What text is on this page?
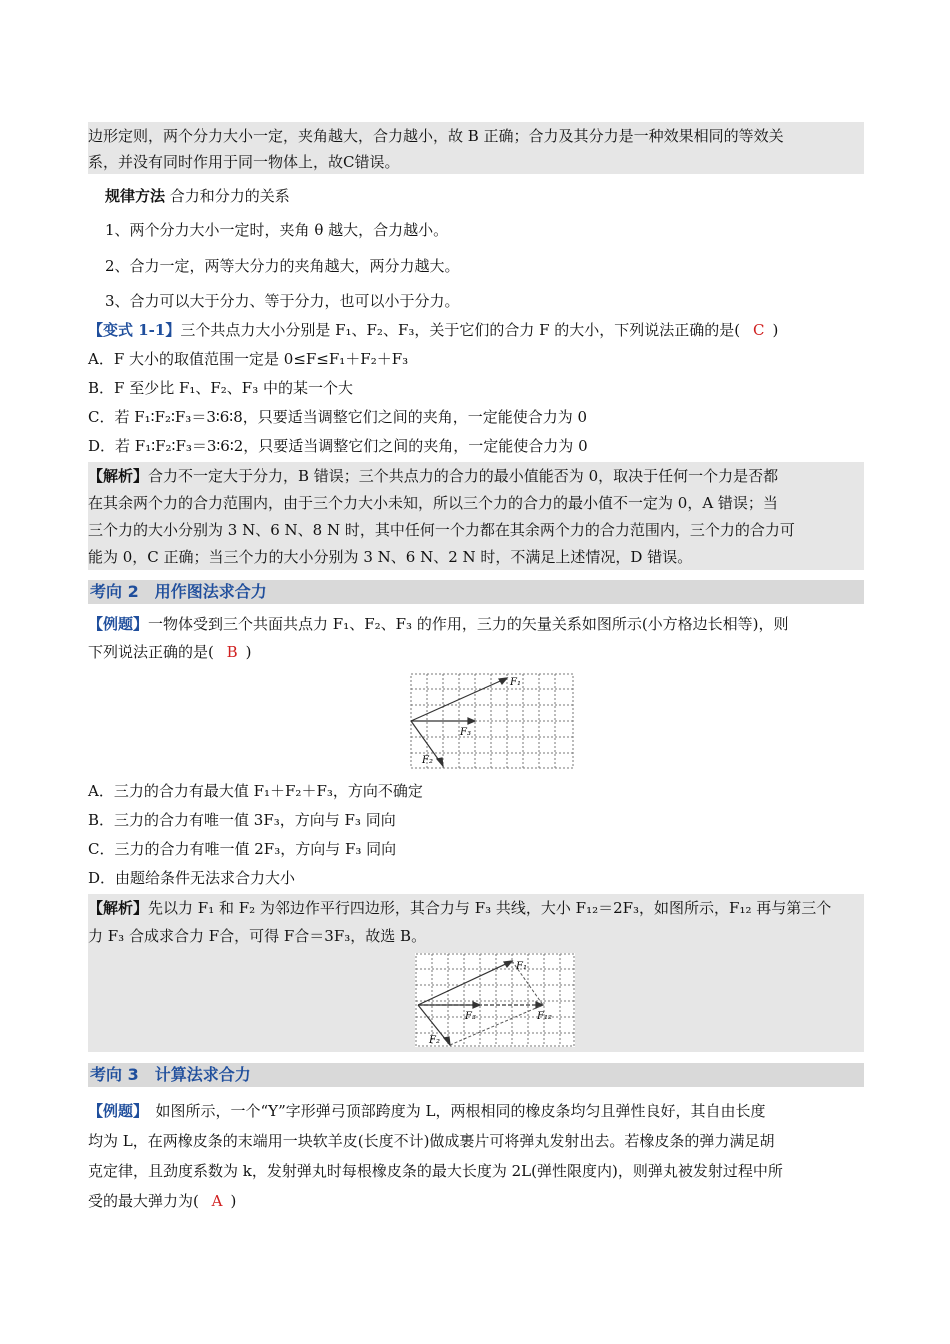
边形定则，两个分力大小一定，夹角越大，合力越小，故 B 正确；合力及其分力是一种效果相同的等效关
系，并没有同时作用于同一物体上，故C错误。
规律方法 合力和分力的关系
1、两个分力大小一定时，夹角 θ 越大，合力越小。
2、合力一定，两等大分力的夹角越大，两分力越大。
3、合力可以大于分力、等于分力，也可以小于分力。
【变式 1-1】三个共点力大小分别是 F₁、F₂、F₃，关于它们的合力 F 的大小，下列说法正确的是( C )
A．F 大小的取值范围一定是 0≤F≤F₁＋F₂＋F₃
B．F 至少比 F₁、F₂、F₃ 中的某一个大
C．若 F₁∶F₂∶F₃＝3∶6∶8，只要适当调整它们之间的夹角，一定能使合力为 0
D．若 F₁∶F₂∶F₃＝3∶6∶2，只要适当调整它们之间的夹角，一定能使合力为 0
【解析】合力不一定大于分力，B 错误；三个共点力的合力的最小值能否为 0，取决于任何一个力是否都
在其余两个力的合力范围内，由于三个力大小未知，所以三个力的合力的最小值不一定为 0，A 错误；当
三个力的大小分别为 3 N、6 N、8 N 时，其中任何一个力都在其余两个力的合力范围内，三个力的合力可
能为 0，C 正确；当三个力的大小分别为 3 N、6 N、2 N 时，不满足上述情况，D 错误。
考向 2　用作图法求合力
【例题】一物体受到三个共面共点力 F₁、F₂、F₃ 的作用，三力的矢量关系如图所示(小方格边长相等)，则
下列说法正确的是( B )
F₁
F₃
F₂
A．三力的合力有最大值 F₁＋F₂＋F₃，方向不确定
B．三力的合力有唯一值 3F₃，方向与 F₃ 同向
C．三力的合力有唯一值 2F₃，方向与 F₃ 同向
D．由题给条件无法求合力大小
【解析】先以力 F₁ 和 F₂ 为邻边作平行四边形，其合力与 F₃ 共线，大小 F₁₂＝2F₃，如图所示，F₁₂ 再与第三个
力 F₃ 合成求合力 F合，可得 F合＝3F₃，故选 B。
F₁
F₃	F₁₂
F₂
考向 3　计算法求合力
【例题】　如图所示，一个“Y”字形弹弓顶部跨度为 L，两根相同的橡皮条均匀且弹性良好，其自由长度
均为 L，在两橡皮条的末端用一块软羊皮(长度不计)做成裹片可将弹丸发射出去。若橡皮条的弹力满足胡
克定律，且劲度系数为 k，发射弹丸时每根橡皮条的最大长度为 2L(弹性限度内)，则弹丸被发射过程中所
受的最大弹力为( A )
